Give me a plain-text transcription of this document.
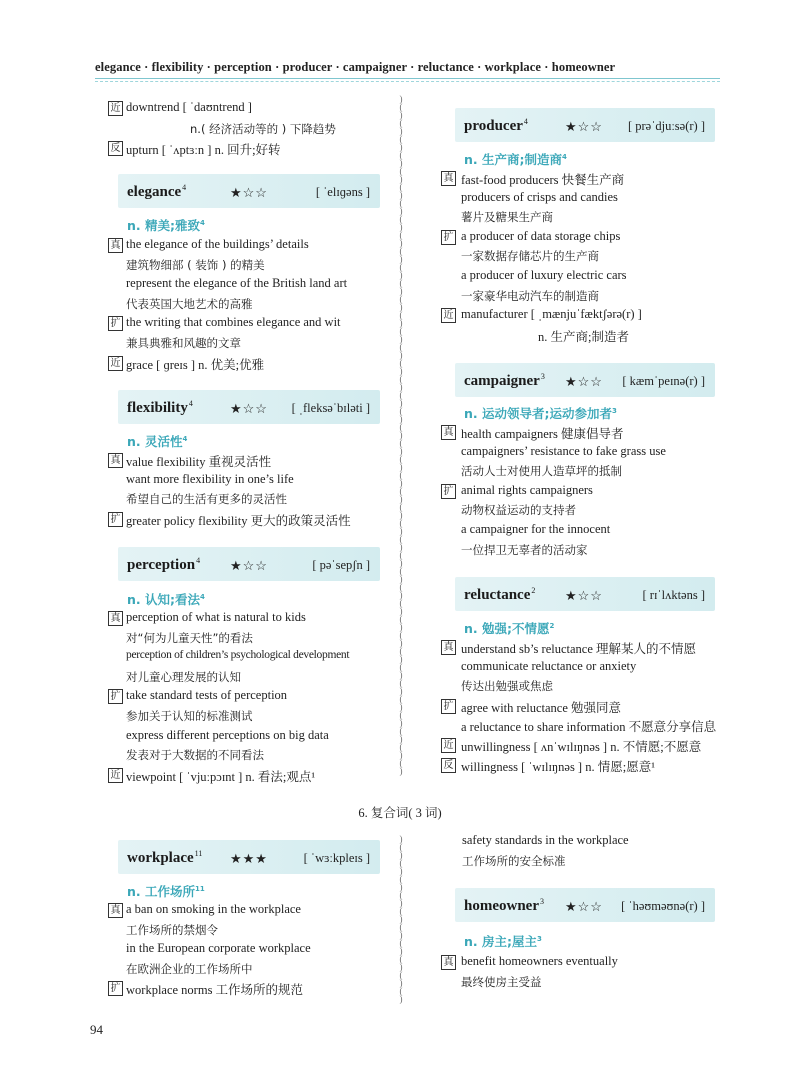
elegance · flexibility · perception · producer · campaigner · reluctance · workplace · homeowner
)
(
)
(
)
(
)
(
)
(
)
(
)
(
)
(
)
(
)
(
)
(
)
(
)
(
)
(
)
(
)
(
)
(
)
(
)
(
)
(
)
(
)
(
)
(
)
(
)
(
)
(
)
(
)
(
)
(
)
(
)
(
)
(
)
(
)
(
)
(
)
(
)
(
)
(
)
(
)
(
)
(
)
(
)
)
(
)
(
)
(
)
(
)
(
)
(
)
(
)
(
)
(
)
(
)
近 downtrend [ ˈdaʊntrend ]
n.( 经济活动等的 ) 下降趋势
反 upturn [ ˈʌptɜːn ] n. 回升;好转
elegance$^4$	★☆☆	[ ˈelɪɡəns ]
n. 精美;雅致$^4$
真 the elegance of the buildings’ details
建筑物细部 ( 装饰 ) 的精美
represent the elegance of the British land art
代表英国大地艺术的高雅
扩 the writing that combines elegance and wit
兼具典雅和风趣的文章
近 grace [ ɡreɪs ] n. 优美;优雅
flexibility$^4$	★☆☆ [ ˌfleksəˈbɪləti ]
n. 灵活性$^4$
真 value flexibility 重视灵活性
want more flexibility in one’s life
希望自己的生活有更多的灵活性
扩 greater policy flexibility 更大的政策灵活性
perception$^4$ ★☆☆	[ pəˈsepʃn ]
n. 认知;看法$^4$
真 perception of what is natural to kids
对“何为儿童天性”的看法
perception of children’s psychological development
对儿童心理发展的认知
扩 take standard tests of perception
参加关于认知的标准测试
express different perceptions on big data
发表对于大数据的不同看法
近 viewpoint [ ˈvjuːpɔɪnt ] n. 看法;观点¹
producer$^4$	★☆☆ [ prəˈdjuːsə(r) ]
n. 生产商;制造商$^4$
真 fast-food producers 快餐生产商
producers of crisps and candies
薯片及糖果生产商
扩 a producer of data storage chips
一家数据存储芯片的生产商
a producer of luxury electric cars
一家豪华电动汽车的制造商
近 manufacturer [ ˌmænjuˈfæktʃərə(r) ]
n. 生产商;制造者
campaigner$^3$ ★☆☆ [ kæmˈpeɪnə(r) ]
n. 运动领导者;运动参加者$^3$
真 health campaigners 健康倡导者
campaigners’ resistance to fake grass use
活动人士对使用人造草坪的抵制
扩 animal rights campaigners
动物权益运动的支持者
a campaigner for the innocent
一位捍卫无辜者的活动家
reluctance$^2$ ★☆☆	[ rɪˈlʌktəns ]
n. 勉强;不情愿$^2$
真 understand sb’s reluctance 理解某人的不情愿
communicate reluctance or anxiety
传达出勉强或焦虑
扩 agree with reluctance 勉强同意
a reluctance to share information 不愿意分享信息
近 unwillingness [ ʌnˈwɪlɪŋnəs ] n. 不情愿;不愿意
反 willingness [ ˈwɪlɪŋnəs ] n. 情愿;愿意¹
workplace$^{11}$ ★★★	[ ˈwɜːkpleɪs ]
n. 工作场所$^{11}$
真 a ban on smoking in the workplace
工作场所的禁烟令
in the European corporate workplace
在欧洲企业的工作场所中
扩 workplace norms 工作场所的规范
homeowner$^3$ ★☆☆ [ ˈhəʊməʊnə(r) ]
n. 房主;屋主$^3$
真 benefit homeowners eventually
最终使房主受益
6. 复合词( 3 词)
safety standards in the workplace
工作场所的安全标准
94
